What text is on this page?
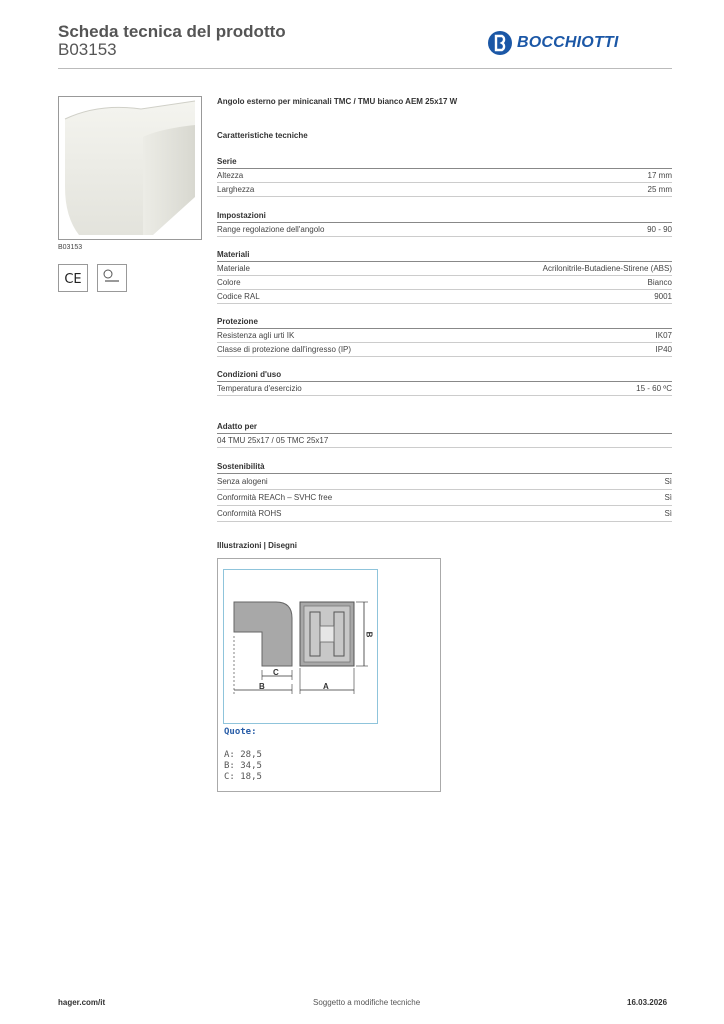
Scheda tecnica del prodotto
B03153	BOCCHIOTTI
B03153
CE
Angolo esterno per minicanali TMC / TMU bianco AEM 25x17 W
Caratteristiche tecniche
Serie
Altezza	17 mm
Larghezza	25 mm
Impostazioni
Range regolazione dell'angolo	90 - 90
Materiali
Materiale	Acrilonitrile-Butadiene-Stirene (ABS)
Colore	Bianco
Codice RAL	9001
Protezione
Resistenza agli urti IK	IK07
Classe di protezione dall'ingresso (IP)	IP40
Condizioni d'uso
Temperatura d'esercizio	15 - 60 ºC
Adatto per
04 TMU 25x17 / 05 TMC 25x17
Sostenibilità
Senza alogeni	Sì
Conformità REACh – SVHC free	Sì
Conformità ROHS	Sì
Illustrazioni | Disegni
C
B	A
B
Quote:
A: 28,5
B: 34,5
C: 18,5
hager.com/it	Soggetto a modifiche tecniche	16.03.2026
